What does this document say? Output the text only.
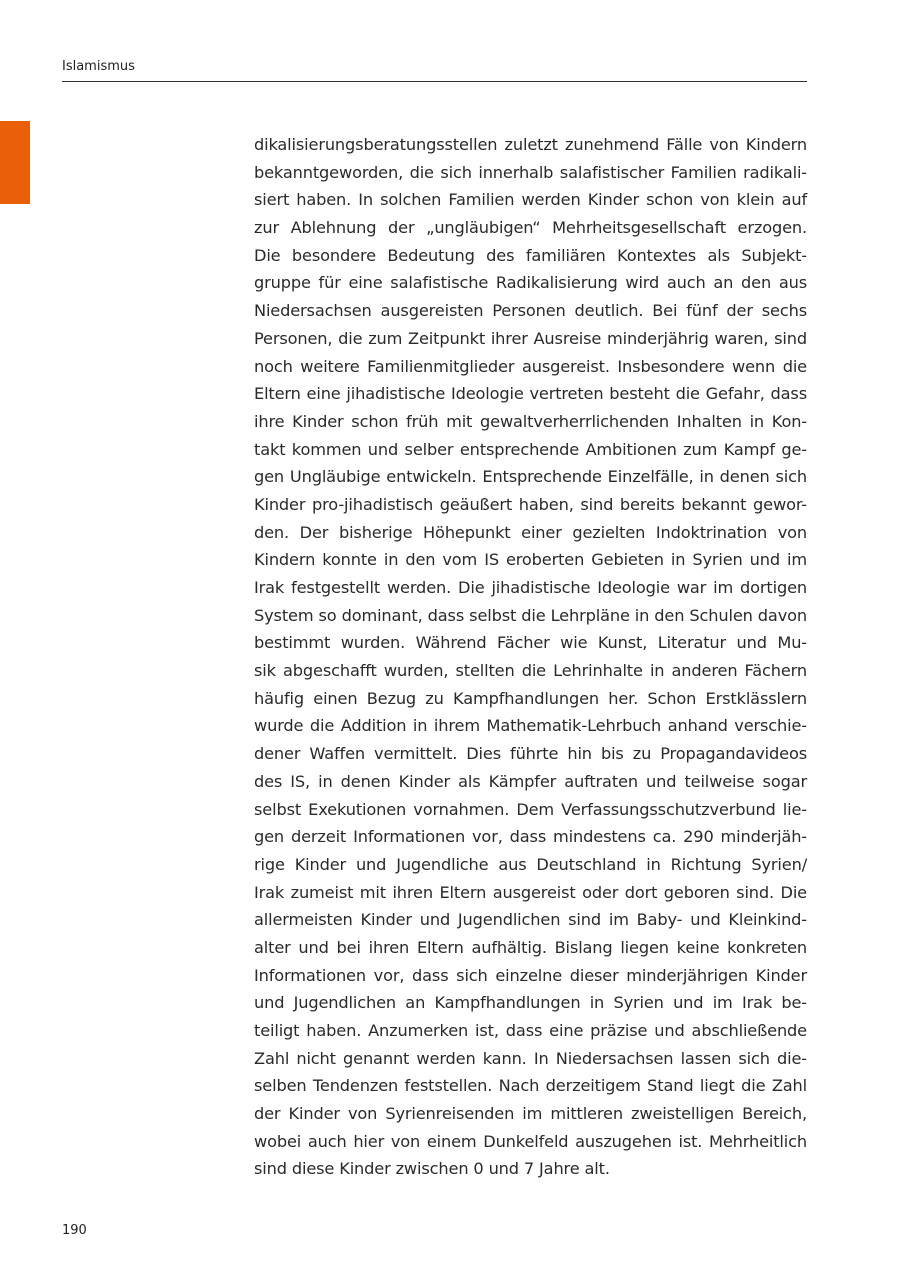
Islamismus
dikalisierungsberatungsstellen zuletzt zunehmend Fälle von Kindern
bekanntgeworden, die sich innerhalb salafistischer Familien radikali-
siert haben. In solchen Familien werden Kinder schon von klein auf
zur Ablehnung der „ungläubigen“ Mehrheitsgesellschaft erzogen.
Die besondere Bedeutung des familiären Kontextes als Subjekt-
gruppe für eine salafistische Radikalisierung wird auch an den aus
Niedersachsen ausgereisten Personen deutlich. Bei fünf der sechs
Personen, die zum Zeitpunkt ihrer Ausreise minderjährig waren, sind
noch weitere Familienmitglieder ausgereist. Insbesondere wenn die
Eltern eine jihadistische Ideologie vertreten besteht die Gefahr, dass
ihre Kinder schon früh mit gewaltverherrlichenden Inhalten in Kon-
takt kommen und selber entsprechende Ambitionen zum Kampf ge-
gen Ungläubige entwickeln. Entsprechende Einzelfälle, in denen sich
Kinder pro-jihadistisch geäußert haben, sind bereits bekannt gewor-
den. Der bisherige Höhepunkt einer gezielten Indoktrination von
Kindern konnte in den vom IS eroberten Gebieten in Syrien und im
Irak festgestellt werden. Die jihadistische Ideologie war im dortigen
System so dominant, dass selbst die Lehrpläne in den Schulen davon
bestimmt wurden. Während Fächer wie Kunst, Literatur und Mu-
sik abgeschafft wurden, stellten die Lehrinhalte in anderen Fächern
häufig einen Bezug zu Kampfhandlungen her. Schon Erstklässlern
wurde die Addition in ihrem Mathematik-Lehrbuch anhand verschie-
dener Waffen vermittelt. Dies führte hin bis zu Propagandavideos
des IS, in denen Kinder als Kämpfer auftraten und teilweise sogar
selbst Exekutionen vornahmen. Dem Verfassungsschutzverbund lie-
gen derzeit Informationen vor, dass mindestens ca. 290 minderjäh-
rige Kinder und Jugendliche aus Deutschland in Richtung Syrien/
Irak zumeist mit ihren Eltern ausgereist oder dort geboren sind. Die
allermeisten Kinder und Jugendlichen sind im Baby- und Kleinkind-
alter und bei ihren Eltern aufhältig. Bislang liegen keine konkreten
Informationen vor, dass sich einzelne dieser minderjährigen Kinder
und Jugendlichen an Kampfhandlungen in Syrien und im Irak be-
teiligt haben. Anzumerken ist, dass eine präzise und abschließende
Zahl nicht genannt werden kann. In Niedersachsen lassen sich die-
selben Tendenzen feststellen. Nach derzeitigem Stand liegt die Zahl
der Kinder von Syrienreisenden im mittleren zweistelligen Bereich,
wobei auch hier von einem Dunkelfeld auszugehen ist. Mehrheitlich
sind diese Kinder zwischen 0 und 7 Jahre alt.
190
